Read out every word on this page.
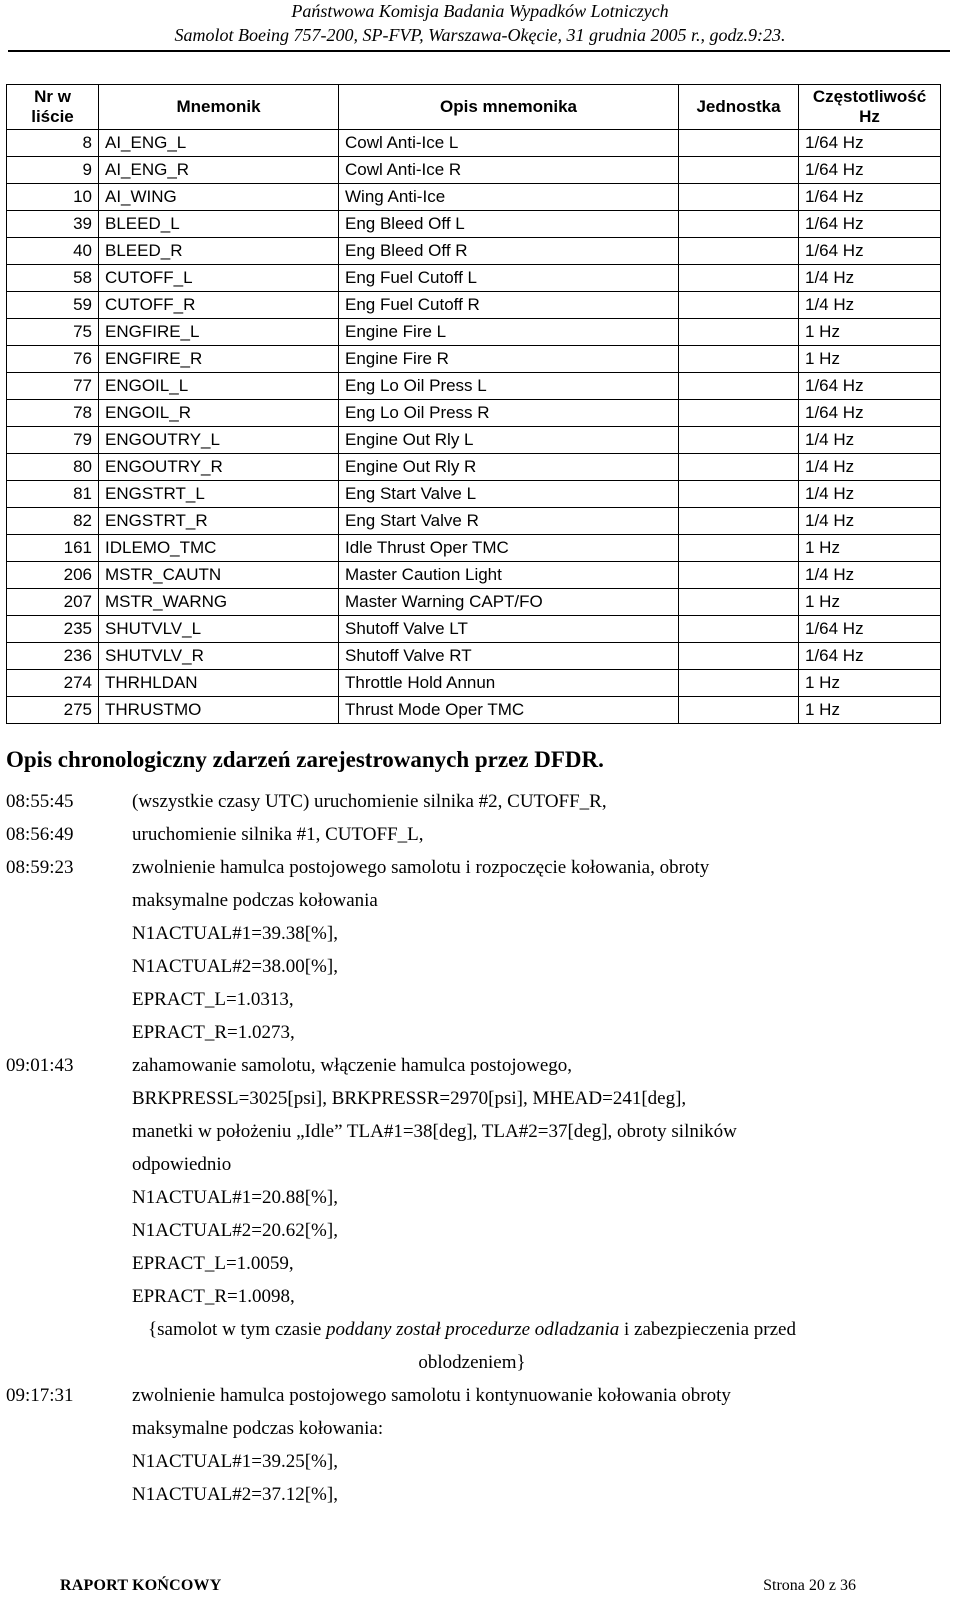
Państwowa Komisja Badania Wypadków Lotniczych
Samolot Boeing 757-200, SP-FVP, Warszawa-Okęcie, 31 grudnia 2005 r., godz.9:23.
Nr w liście	Mnemonik	Opis mnemonika	Jednostka	Częstotliwość Hz
8	AI_ENG_L	Cowl Anti-Ice L		1/64 Hz
9	AI_ENG_R	Cowl Anti-Ice R		1/64 Hz
10	AI_WING	Wing Anti-Ice		1/64 Hz
39	BLEED_L	Eng Bleed Off L		1/64 Hz
40	BLEED_R	Eng Bleed Off R		1/64 Hz
58	CUTOFF_L	Eng Fuel Cutoff L		1/4 Hz
59	CUTOFF_R	Eng Fuel Cutoff R		1/4 Hz
75	ENGFIRE_L	Engine Fire L		1 Hz
76	ENGFIRE_R	Engine Fire R		1 Hz
77	ENGOIL_L	Eng Lo Oil Press L		1/64 Hz
78	ENGOIL_R	Eng Lo Oil Press R		1/64 Hz
79	ENGOUTRY_L	Engine Out Rly L		1/4 Hz
80	ENGOUTRY_R	Engine Out Rly R		1/4 Hz
81	ENGSTRT_L	Eng Start Valve L		1/4 Hz
82	ENGSTRT_R	Eng Start Valve R		1/4 Hz
161	IDLEMO_TMC	Idle Thrust Oper TMC		1 Hz
206	MSTR_CAUTN	Master Caution Light		1/4 Hz
207	MSTR_WARNG	Master Warning CAPT/FO		1 Hz
235	SHUTVLV_L	Shutoff Valve LT		1/64 Hz
236	SHUTVLV_R	Shutoff Valve RT		1/64 Hz
274	THRHLDAN	Throttle Hold Annun		1 Hz
275	THRUSTMO	Thrust Mode Oper TMC		1 Hz
Opis chronologiczny zdarzeń zarejestrowanych przez DFDR.
08:55:45	(wszystkie czasy UTC) uruchomienie silnika #2, CUTOFF_R,
08:56:49	uruchomienie silnika #1, CUTOFF_L,
08:59:23	zwolnienie hamulca postojowego samolotu i rozpoczęcie kołowania, obroty
maksymalne podczas kołowania
N1ACTUAL#1=39.38[%],
N1ACTUAL#2=38.00[%],
EPRACT_L=1.0313,
EPRACT_R=1.0273,
09:01:43	zahamowanie samolotu, włączenie hamulca postojowego,
BRKPRESSL=3025[psi], BRKPRESSR=2970[psi], MHEAD=241[deg],
manetki w położeniu „Idle” TLA#1=38[deg], TLA#2=37[deg], obroty silników
odpowiednio
N1ACTUAL#1=20.88[%],
N1ACTUAL#2=20.62[%],
EPRACT_L=1.0059,
EPRACT_R=1.0098,
{samolot w tym czasie poddany został procedurze odladzania i zabezpieczenia przed
oblodzeniem}
09:17:31	zwolnienie hamulca postojowego samolotu i kontynuowanie kołowania obroty
maksymalne podczas kołowania:
N1ACTUAL#1=39.25[%],
N1ACTUAL#2=37.12[%],
RAPORT KOŃCOWY	Strona 20 z 36
